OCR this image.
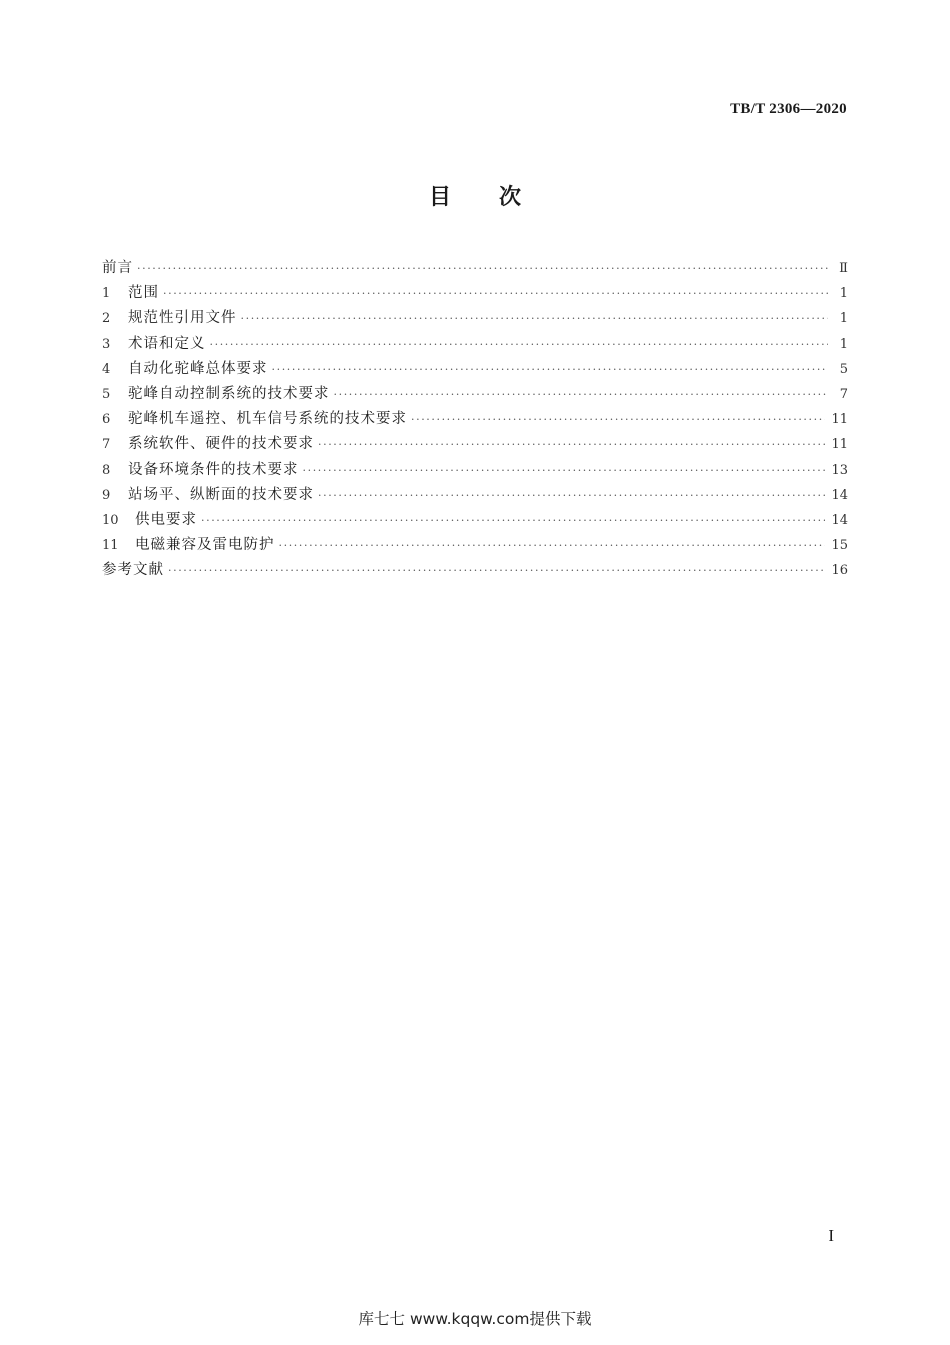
TB/T 2306—2020
目次
前言 ·····	Ⅱ
1	范围 ·····	1
2	规范性引用文件 ·····	1
3	术语和定义 ·····	1
4	自动化驼峰总体要求 ·····	5
5	驼峰自动控制系统的技术要求 ·····	7
6	驼峰机车遥控、机车信号系统的技术要求 ·····	11
7	系统软件、硬件的技术要求 ·····	11
8	设备环境条件的技术要求 ·····	13
9	站场平、纵断面的技术要求 ·····	14
10	供电要求 ·····	14
11	电磁兼容及雷电防护 ·····	15
参考文献 ·····	16
I
库七七 www.kqqw.com提供下载
